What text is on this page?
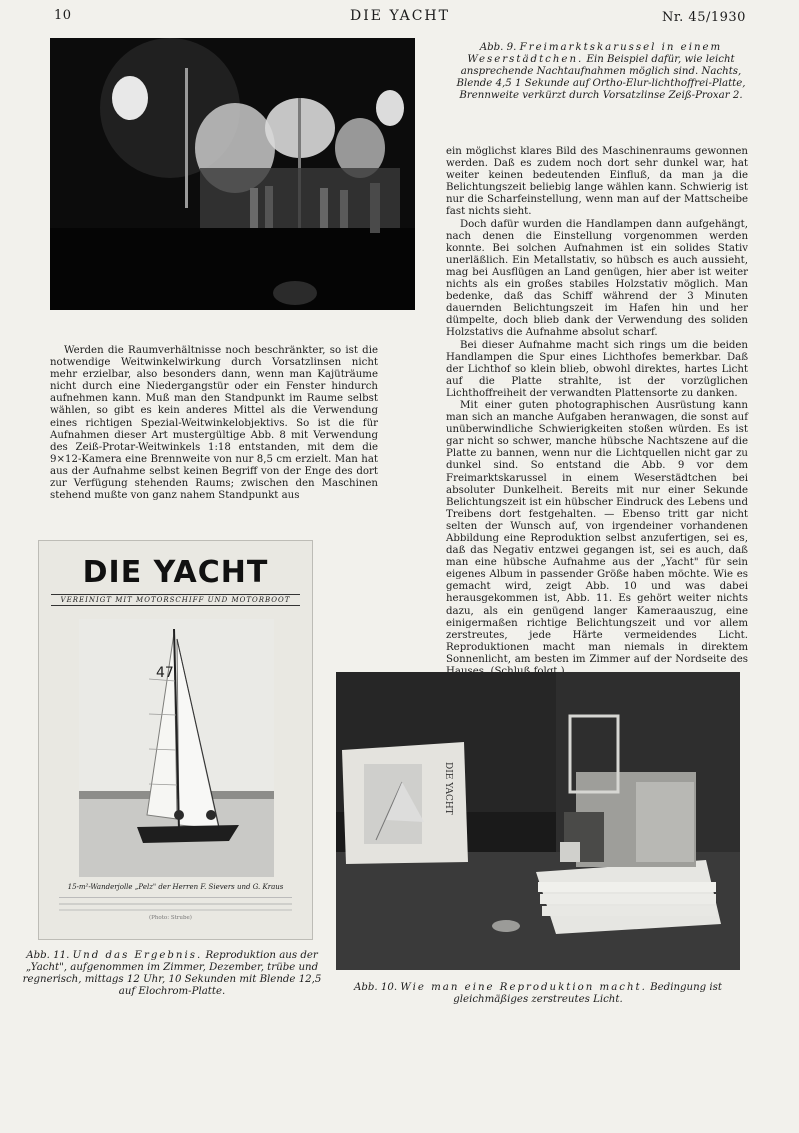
10	DIE YACHT	Nr. 45/1930
Abb. 9. Freimarktskarussel in einem Weserstädtchen. Ein Beispiel dafür, wie leicht ansprechende Nachtaufnahmen möglich sind. Nachts, Blende 4,5 1 Sekunde auf Ortho-Elur-lichthoffrei-Platte, Brennweite verkürzt durch Vorsatzlinse Zeiß-Proxar 2.

ein möglichst klares Bild des Maschinenraums gewonnen werden. Daß es zudem noch dort sehr dunkel war, hat weiter keinen bedeutenden Einfluß, da man ja die Belichtungszeit beliebig lange wählen kann. Schwierig ist nur die Scharfeinstellung, wenn man auf der Mattscheibe fast nichts sieht.

Doch dafür wurden die Handlampen dann aufgehängt, nach denen die Einstellung vorgenommen werden konnte. Bei solchen Aufnahmen ist ein solides Stativ unerläßlich. Ein Metallstativ, so hübsch es auch aussieht, mag bei Ausflügen an Land genügen, hier aber ist weiter nichts als ein großes stabiles Holzstativ möglich. Man bedenke, daß das Schiff während der 3 Minuten dauernden Belichtungszeit im Hafen hin und her dümpelte, doch blieb dank der Verwendung des soliden Holzstativs die Aufnahme absolut scharf.

Bei dieser Aufnahme macht sich rings um die beiden Handlampen die Spur eines Lichthofes bemerkbar. Daß der Lichthof so klein blieb, obwohl direktes, hartes Licht auf die Platte strahlte, ist der vorzüglichen Lichthoffreiheit der verwandten Plattensorte zu danken.

Mit einer guten photographischen Ausrüstung kann man sich an manche Aufgaben heranwagen, die sonst auf unüberwindliche Schwierigkeiten stoßen würden. Es ist gar nicht so schwer, manche hübsche Nachtszene auf die Platte zu bannen, wenn nur die Lichtquellen nicht gar zu dunkel sind. So entstand die Abb. 9 vor dem Freimarktskarussel in einem Weserstädtchen bei absoluter Dunkelheit. Bereits mit nur einer Sekunde Belichtungszeit ist ein hübscher Eindruck des Lebens und Treibens dort festgehalten. — Ebenso tritt gar nicht selten der Wunsch auf, von irgendeiner vorhandenen Abbildung eine Reproduktion selbst anzufertigen, sei es, daß das Negativ entzwei gegangen ist, sei es auch, daß man eine hübsche Aufnahme aus der „Yacht" für sein eigenes Album in passender Größe haben möchte. Wie es gemacht wird, zeigt Abb. 10 und was dabei herausgekommen ist, Abb. 11. Es gehört weiter nichts dazu, als ein genügend langer Kameraauszug, eine einigermaßen richtige Belichtungszeit und vor allem zerstreutes, jede Härte vermeidendes Licht. Reproduktionen macht man niemals in direktem Sonnenlicht, am besten im Zimmer auf der Nordseite des

Werden die Raumverhältnisse noch beschränkter, so ist die notwendige Weitwinkelwirkung durch Vorsatzlinsen nicht mehr erzielbar, also besonders dann, wenn man Kajüträume nicht durch eine Niedergangstür oder ein Fenster hindurch aufnehmen kann. Muß man den Standpunkt im Raume selbst wählen, so gibt es kein anderes Mittel als die Verwendung eines richtigen Spezial-Weitwinkelobjektivs. So ist die für Aufnahmen dieser Art mustergültige Abb. 8 mit Verwendung des Zeiß-Protar-Weitwinkels 1:18 entstanden, mit dem die 9×12-Kamera eine Brennweite von nur 8,5 cm erzielt. Man hat aus der Aufnahme selbst keinen Begriff von der Enge des dort zur Verfügung stehenden Raums; zwischen den Maschinen stehend mußte von ganz nahem Standpunkt aus

DIE YACHT
VEREINIGT MIT MOTORSCHIFF UND MOTORBOOT
47
15-m²-Wanderjolle „Pelz" der Herren F. Sievers und G. Kraus
(Photo: Strube)
Abb. 11. Und das Ergebnis. Reproduktion aus der „Yacht", aufgenommen im Zimmer, Dezember, trübe und regnerisch, mittags 12 Uhr, 10 Sekunden mit Blende 12,5 auf Elochrom-Platte.
DIE YACHT
Abb. 10. Wie man eine Reproduktion macht. Bedingung ist gleichmäßiges zerstreutes Licht.
